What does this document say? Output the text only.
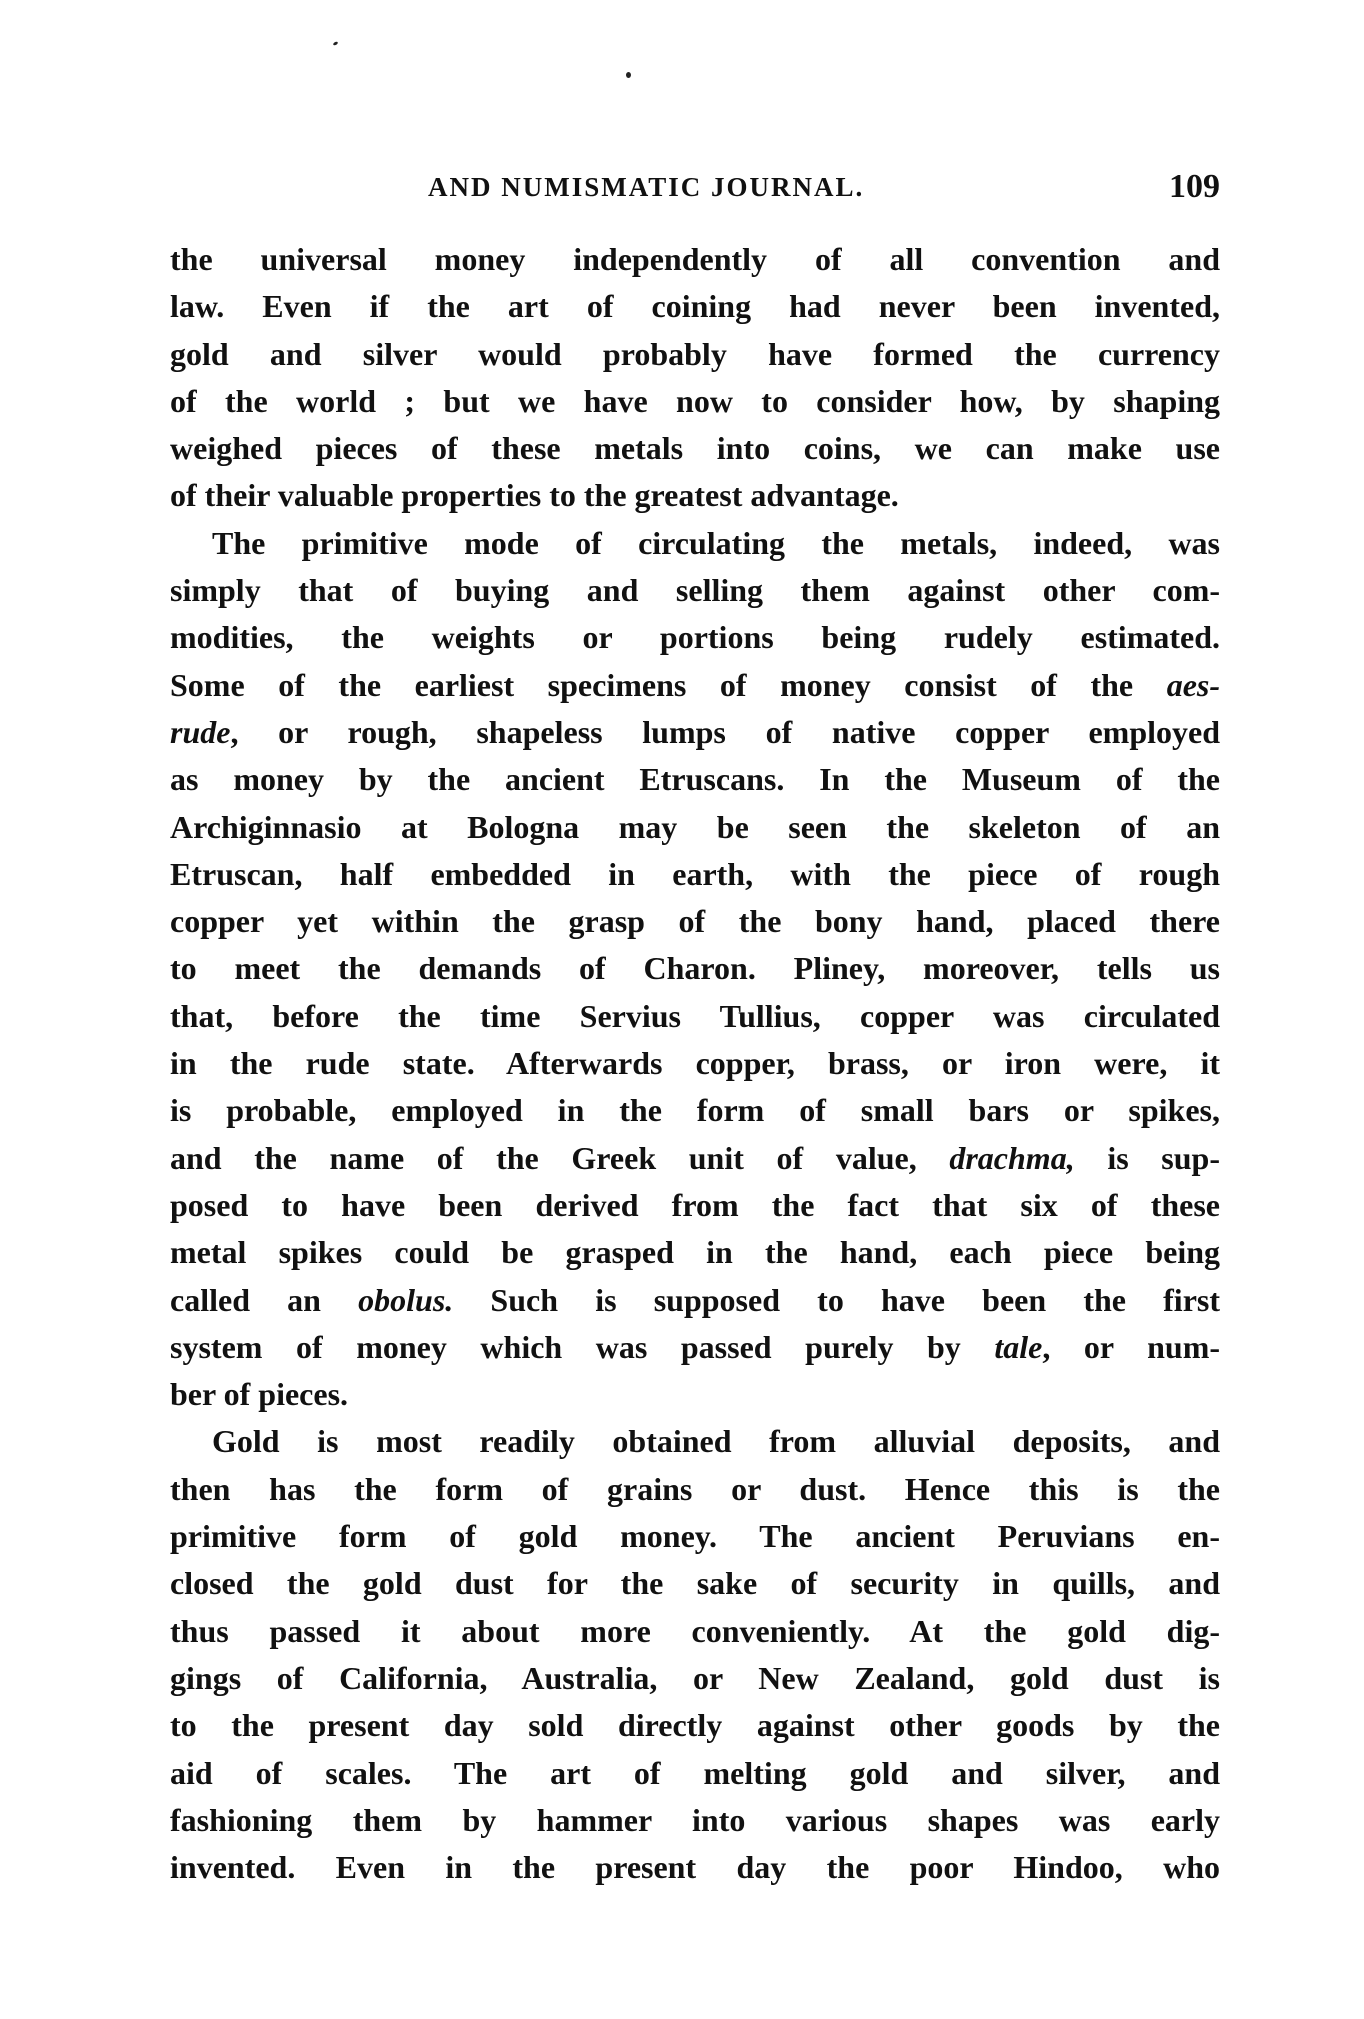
AND NUMISMATIC JOURNAL.	109
the universal money independently of all convention and
law. Even if the art of coining had never been invented,
gold and silver would probably have formed the currency
of the world ; but we have now to consider how, by shaping
weighed pieces of these metals into coins, we can make use
of their valuable properties to the greatest advantage.
The primitive mode of circulating the metals, indeed, was
simply that of buying and selling them against other com-
modities, the weights or portions being rudely estimated.
Some of the earliest specimens of money consist of the aes-
rude, or rough, shapeless lumps of native copper employed
as money by the ancient Etruscans. In the Museum of the
Archiginnasio at Bologna may be seen the skeleton of an
Etruscan, half embedded in earth, with the piece of rough
copper yet within the grasp of the bony hand, placed there
to meet the demands of Charon. Pliney, moreover, tells us
that, before the time Servius Tullius, copper was circulated
in the rude state. Afterwards copper, brass, or iron were, it
is probable, employed in the form of small bars or spikes,
and the name of the Greek unit of value, drachma, is sup-
posed to have been derived from the fact that six of these
metal spikes could be grasped in the hand, each piece being
called an obolus. Such is supposed to have been the first
system of money which was passed purely by tale, or num-
ber of pieces.
Gold is most readily obtained from alluvial deposits, and
then has the form of grains or dust. Hence this is the
primitive form of gold money. The ancient Peruvians en-
closed the gold dust for the sake of security in quills, and
thus passed it about more conveniently. At the gold dig-
gings of California, Australia, or New Zealand, gold dust is
to the present day sold directly against other goods by the
aid of scales. The art of melting gold and silver, and
fashioning them by hammer into various shapes was early
invented. Even in the present day the poor Hindoo, who
